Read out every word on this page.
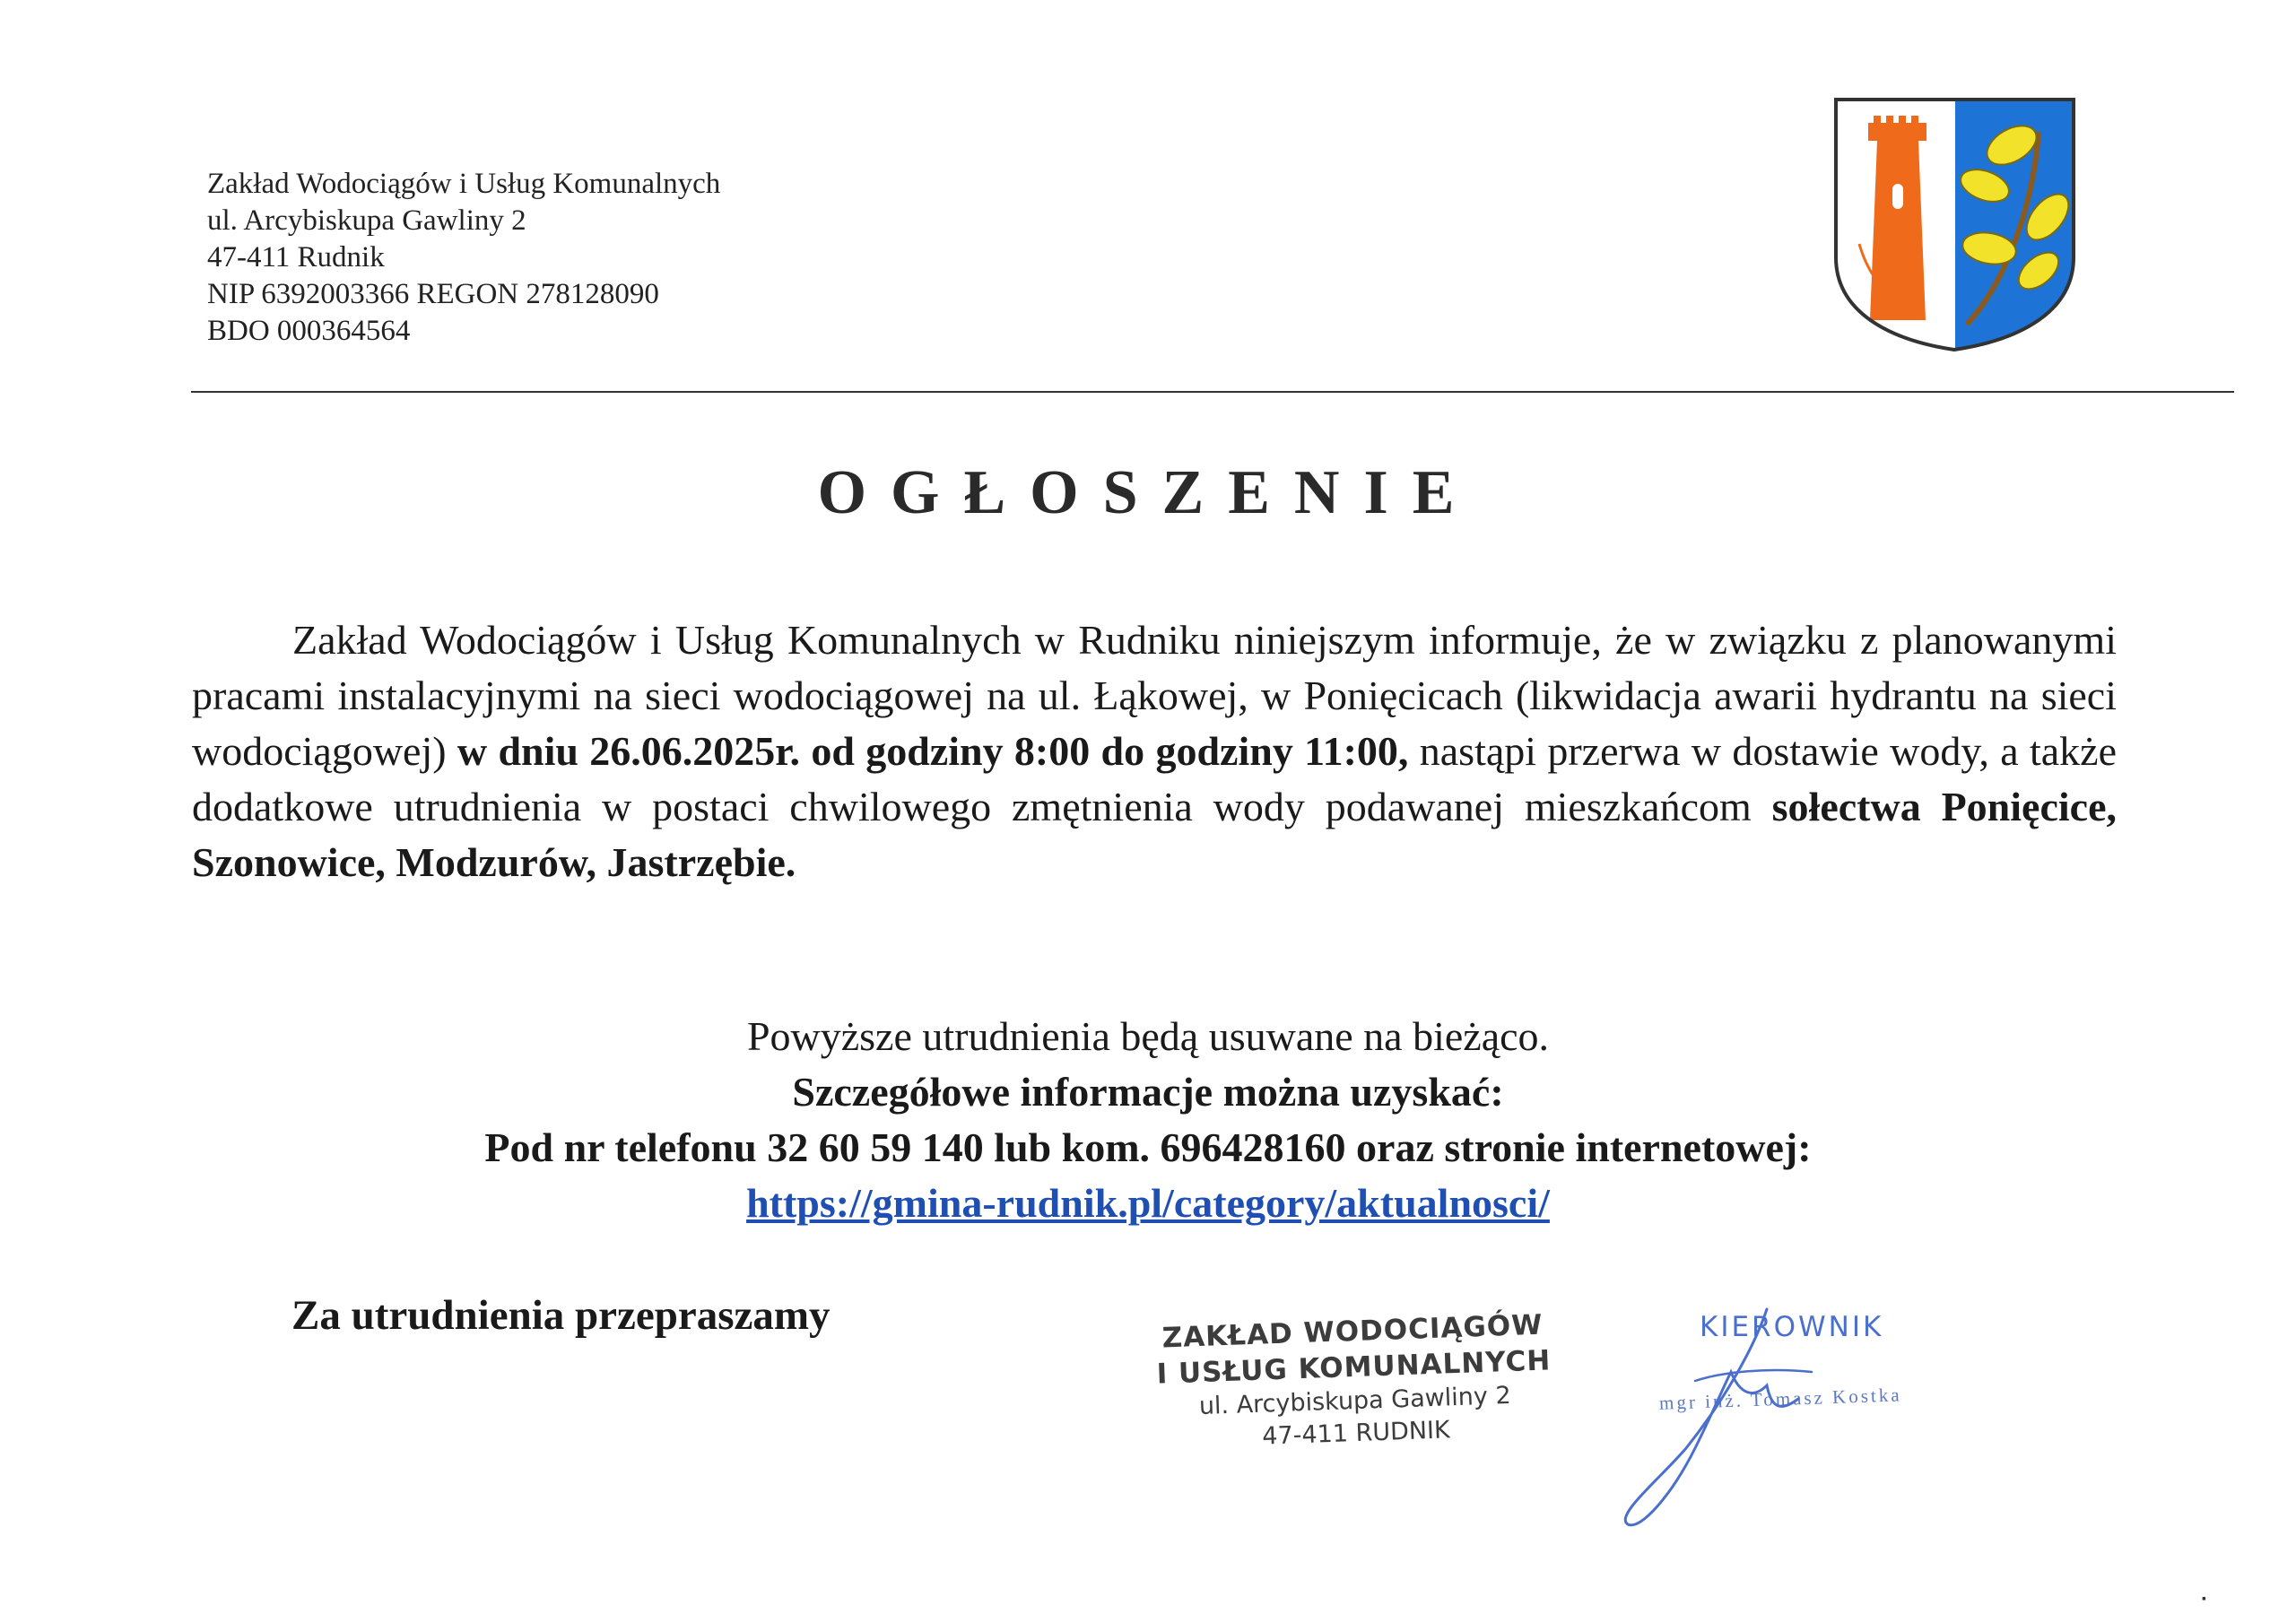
Zakład Wodociągów i Usług Komunalnych
ul. Arcybiskupa Gawliny 2
47-411 Rudnik
NIP 6392003366 REGON 278128090
BDO 000364564
OGŁOSZENIE
Zakład Wodociągów i Usług Komunalnych w Rudniku niniejszym informuje, że w związku z planowanymi pracami instalacyjnymi na sieci wodociągowej na ul. Łąkowej, w Ponięcicach (likwidacja awarii hydrantu na sieci wodociągowej) w dniu 26.06.2025r. od godziny 8:00 do godziny 11:00, nastąpi przerwa w dostawie wody, a także dodatkowe utrudnienia w postaci chwilowego zmętnienia wody podawanej mieszkańcom sołectwa Ponięcice, Szonowice, Modzurów, Jastrzębie.
Powyższe utrudnienia będą usuwane na bieżąco.
Szczegółowe informacje można uzyskać:
Pod nr telefonu 32 60 59 140 lub kom. 696428160 oraz stronie internetowej:
https://gmina-rudnik.pl/category/aktualnosci/
Za utrudnienia przepraszamy	ZAKŁAD WODOCIĄGÓW
I USŁUG KOMUNALNYCH
ul. Arcybiskupa Gawliny 2
47-411 RUDNIK
KIEROWNIK
mgr inż. Tomasz Kostka
▪
